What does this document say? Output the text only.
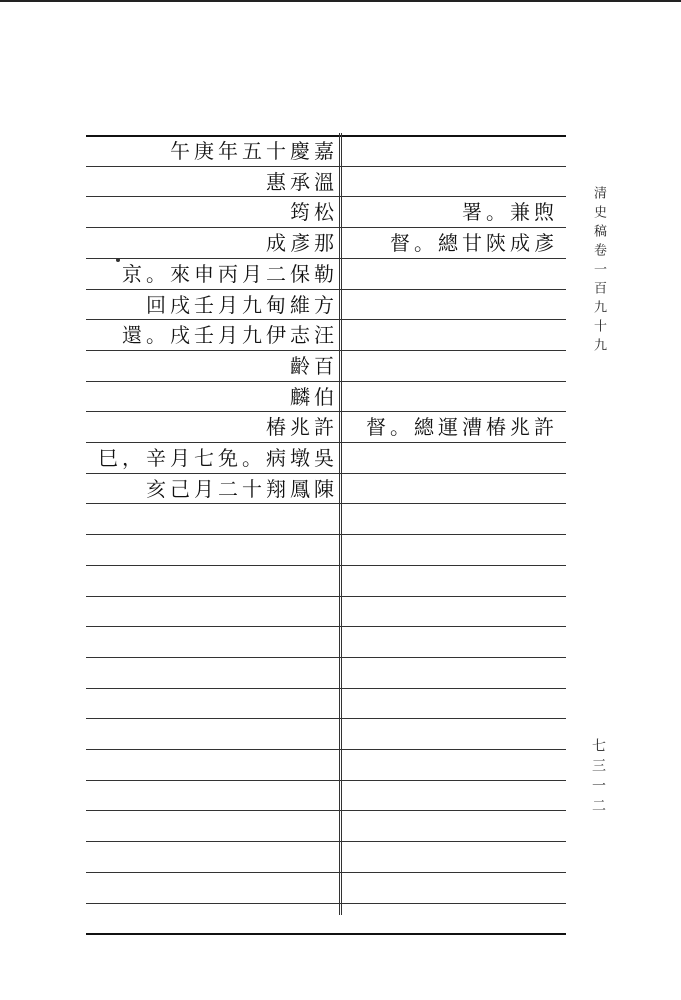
午庚年五十慶嘉
惠承溫
筠松	署。兼煦
成彥那	督。總甘陝成彥
京。來申丙月二保勒
回戌壬月九甸維方
還。戌壬月九伊志汪
齡百
麟伯
椿兆許	督。總運漕椿兆許
巳，辛月七免。病墩吳
亥己月二十翔鳳陳
清史稿卷一百九十九
七三一二
